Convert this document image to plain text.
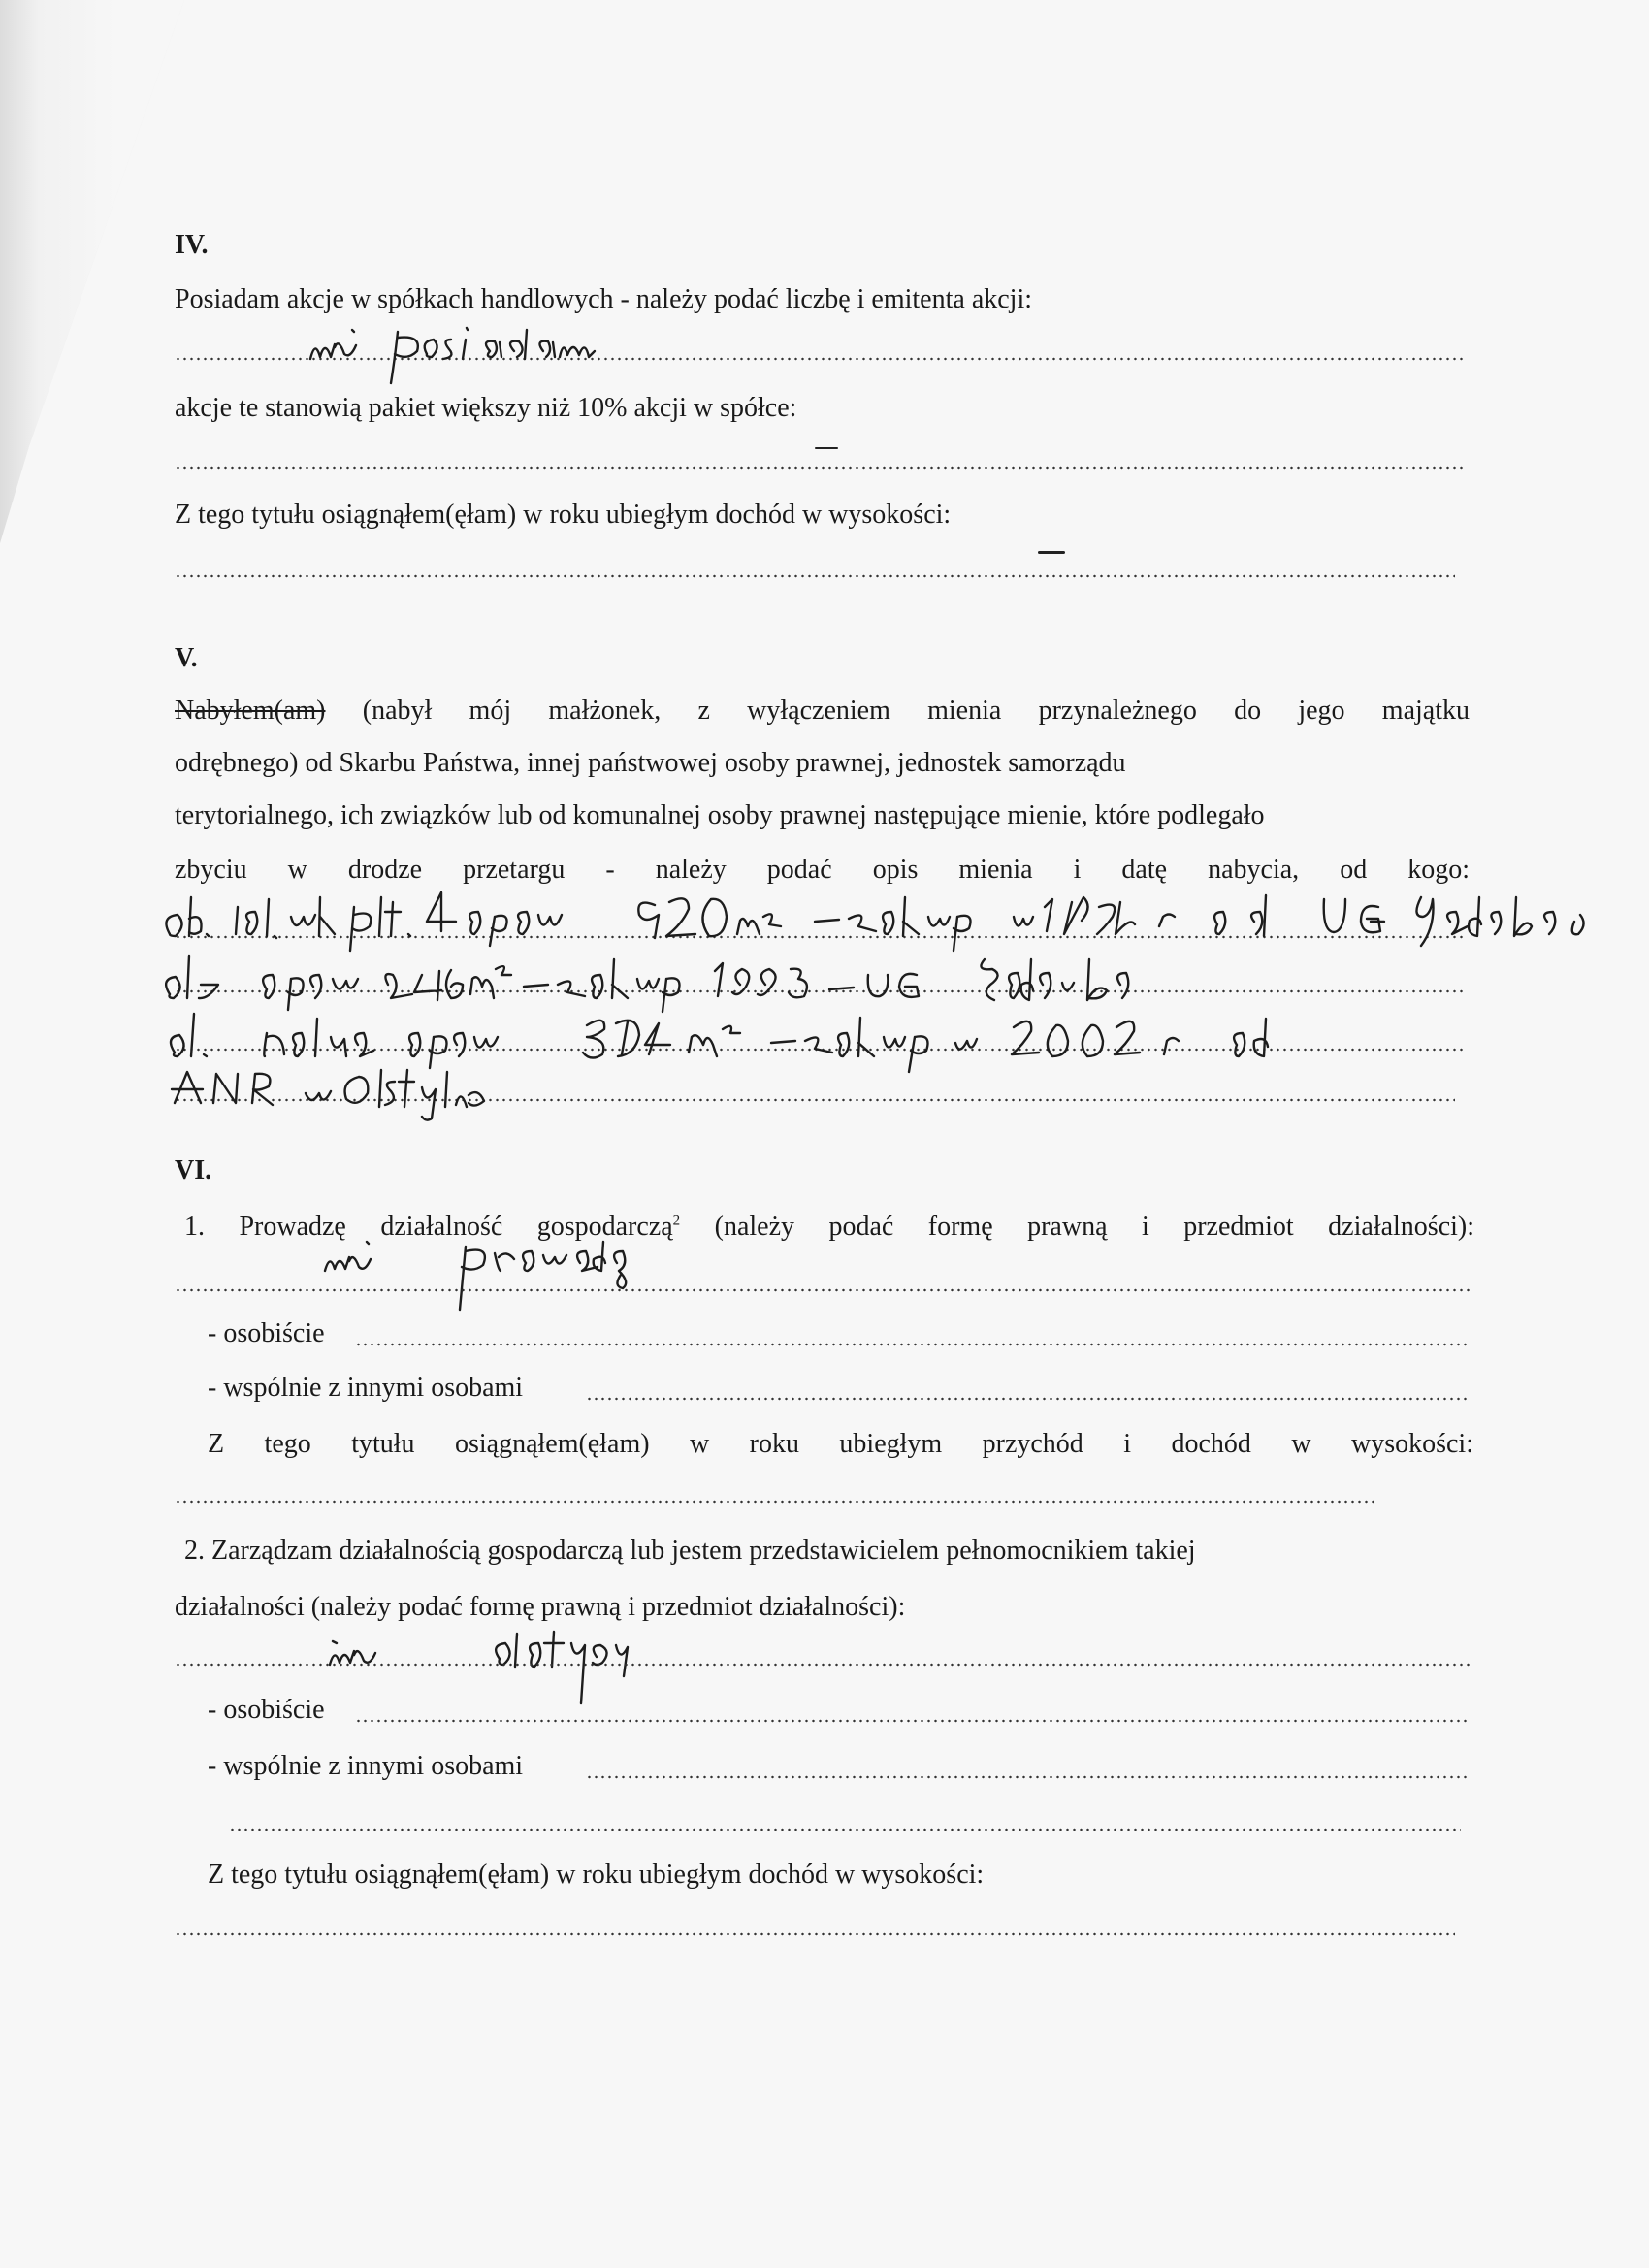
IV.
Posiadam akcje w spółkach handlowych - należy podać liczbę i emitenta akcji:
akcje te stanowią pakiet większy niż 10% akcji w spółce:
Z tego tytułu osiągnąłem(ęłam) w roku ubiegłym dochód w wysokości:
V.
Nabyłem(am) (nabył mój małżonek, z wyłączeniem mienia przynależnego do jego majątku
odrębnego) od Skarbu Państwa, innej państwowej osoby prawnej, jednostek samorządu
terytorialnego, ich związków lub od komunalnej osoby prawnej następujące mienie, które podlegało
zbyciu w drodze przetargu - należy podać opis mienia i datę nabycia, od kogo:
VI.
1. Prowadzę działalność gospodarczą$^2$ (należy podać formę prawną i przedmiot działalności):
- osobiście
- wspólnie z innymi osobami
Z tego tytułu osiągnąłem(ęłam) w roku ubiegłym przychód i dochód w wysokości:
2. Zarządzam działalnością gospodarczą lub jestem przedstawicielem pełnomocnikiem takiej
działalności (należy podać formę prawną i przedmiot działalności):
- osobiście
- wspólnie z innymi osobami
Z tego tytułu osiągnąłem(ęłam) w roku ubiegłym dochód w wysokości:
